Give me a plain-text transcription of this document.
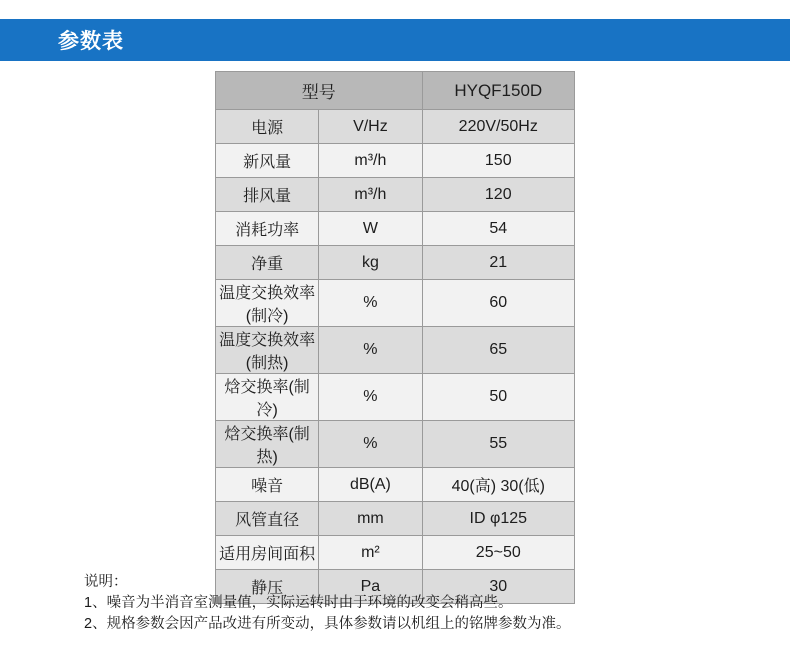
参数表
型号		HYQF150D
电源	V/Hz	220V/50Hz
新风量	m³/h	150
排风量	m³/h	120
消耗功率	W	54
净重	kg	21
温度交换效率(制冷)	%	60
温度交换效率(制热)	%	65
焓交换率(制冷)	%	50
焓交换率(制热)	%	55
噪音	dB(A)	40(高) 30(低)
风管直径	mm	ID φ125
适用房间面积	m²	25~50
静压	Pa	30
说明：
1、噪音为半消音室测量值，实际运转时由于环境的改变会稍高些。
2、规格参数会因产品改进有所变动，具体参数请以机组上的铭牌参数为准。
